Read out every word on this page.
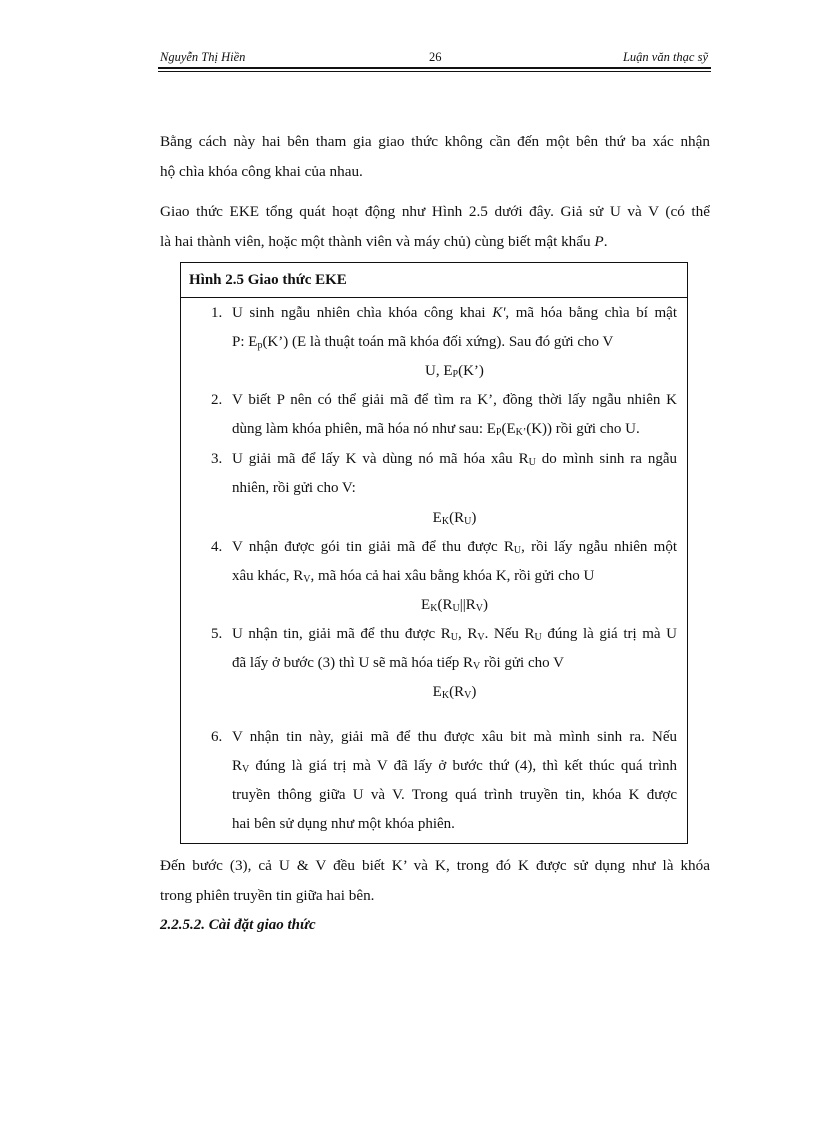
Nguyễn Thị Hiền	26	Luận văn thạc sỹ
Bằng cách này hai bên tham gia giao thức không cần đến một bên thứ ba xác nhận
hộ chìa khóa công khai của nhau.
Giao thức EKE tổng quát hoạt động như Hình 2.5 dưới đây. Giả sử U và V (có thể
là hai thành viên, hoặc một thành viên và máy chủ) cùng biết mật khẩu P.
Hình 2.5 Giao thức EKE
1. U sinh ngẫu nhiên chìa khóa công khai K', mã hóa bằng chìa bí mật
P: $E_p(K’)$ (E là thuật toán mã khóa đối xứng). Sau đó gửi cho V
U, $E_P(K’)$
2. V biết P nên có thể giải mã để tìm ra K’, đồng thời lấy ngẫu nhiên K
dùng làm khóa phiên, mã hóa nó như sau: $E_P(E_{K’}(K))$ rồi gửi cho U.
3. U giải mã để lấy K và dùng nó mã hóa xâu $R_U$ do mình sinh ra ngẫu
nhiên, rồi gửi cho V:
$E_K(R_U)$
4. V nhận được gói tin giải mã để thu được $R_U$, rồi lấy ngẫu nhiên một
xâu khác, $R_V$, mã hóa cả hai xâu bằng khóa K, rồi gửi cho U
$E_K(R_U||R_V)$
5. U nhận tin, giải mã để thu được $R_U$, $R_V$. Nếu $R_U$ đúng là giá trị mà U
đã lấy ở bước (3) thì U sẽ mã hóa tiếp $R_V$ rồi gửi cho V
$E_K(R_V)$
6. V nhận tin này, giải mã để thu được xâu bit mà mình sinh ra. Nếu
$R_V$ đúng là giá trị mà V đã lấy ở bước thứ (4), thì kết thúc quá trình
truyền thông giữa U và V. Trong quá trình truyền tin, khóa K được
hai bên sử dụng như một khóa phiên.
Đến bước (3), cả U & V đều biết K’ và K, trong đó K được sử dụng như là khóa
trong phiên truyền tin giữa hai bên.
2.2.5.2. Cài đặt giao thức
